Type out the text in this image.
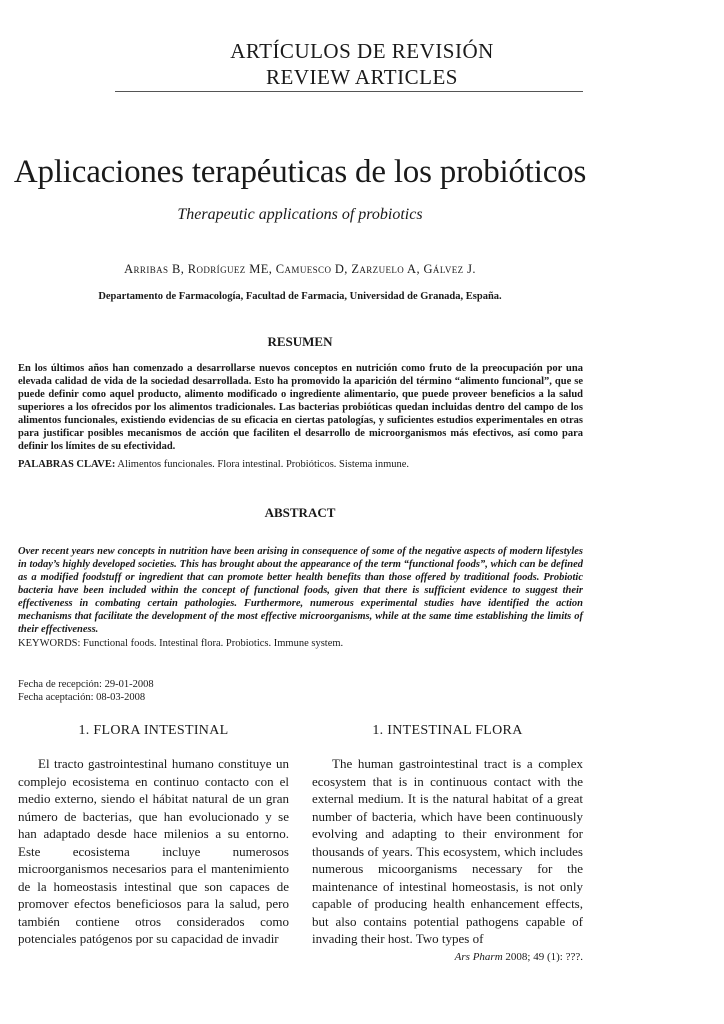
ARTÍCULOS DE REVISIÓN
REVIEW ARTICLES
Aplicaciones terapéuticas de los probióticos
Therapeutic applications of probiotics
Arribas B, Rodríguez ME, Camuesco D, Zarzuelo A, Gálvez J.
Departamento de Farmacología, Facultad de Farmacia, Universidad de Granada, España.
RESUMEN
En los últimos años han comenzado a desarrollarse nuevos conceptos en nutrición como fruto de la preocupación por una elevada calidad de vida de la sociedad desarrollada. Esto ha promovido la aparición del término “alimento funcional”, que se puede definir como aquel producto, alimento modificado o ingrediente alimentario, que puede proveer beneficios a la salud superiores a los ofrecidos por los alimentos tradicionales. Las bacterias probióticas quedan incluidas dentro del campo de los alimentos funcionales, existiendo evidencias de su eficacia en ciertas patologías, y suficientes estudios experimentales en otras para justificar posibles mecanismos de acción que faciliten el desarrollo de microorganismos más efectivos, así como para definir los límites de su efectividad.
PALABRAS CLAVE: Alimentos funcionales. Flora intestinal. Probióticos. Sistema inmune.
ABSTRACT
Over recent years new concepts in nutrition have been arising in consequence of some of the negative aspects of modern lifestyles in today’s highly developed societies. This has brought about the appearance of the term “functional foods”, which can be defined as a modified foodstuff or ingredient that can promote better health benefits than those offered by traditional foods. Probiotic bacteria have been included within the concept of functional foods, given that there is sufficient evidence to suggest their effectiveness in combating certain pathologies. Furthermore, numerous experimental studies have identified the action mechanisms that facilitate the development of the most effective microorganisms, while at the same time establishing the limits of their effectiveness.
KEYWORDS: Functional foods. Intestinal flora. Probiotics. Immune system.
Fecha de recepción: 29-01-2008
Fecha aceptación: 08-03-2008
1. FLORA INTESTINAL	1. INTESTINAL FLORA

El tracto gastrointestinal humano constituye un complejo ecosistema en continuo contacto con el medio externo, siendo el hábitat natural de un gran número de bacterias, que han evolucionado y se han adaptado desde hace milenios a su entorno. Este ecosistema incluye numerosos microorganismos necesarios para el mantenimiento de la homeostasis intestinal que son capaces de promover efectos beneficiosos para la salud, pero también contiene otros considerados como potenciales patógenos por su capacidad de invadir

The human gastrointestinal tract is a complex ecosystem that is in continuous contact with the external medium. It is the natural habitat of a great number of bacteria, which have been continuously evolving and adapting to their environment for thousands of years. This ecosystem, which includes numerous micoorganisms necessary for the maintenance of intestinal homeostasis, is not only capable of producing health enhancement effects, but also contains potential pathogens capable of invading their host. Two types of

Ars Pharm 2008; 49 (1): ???.
